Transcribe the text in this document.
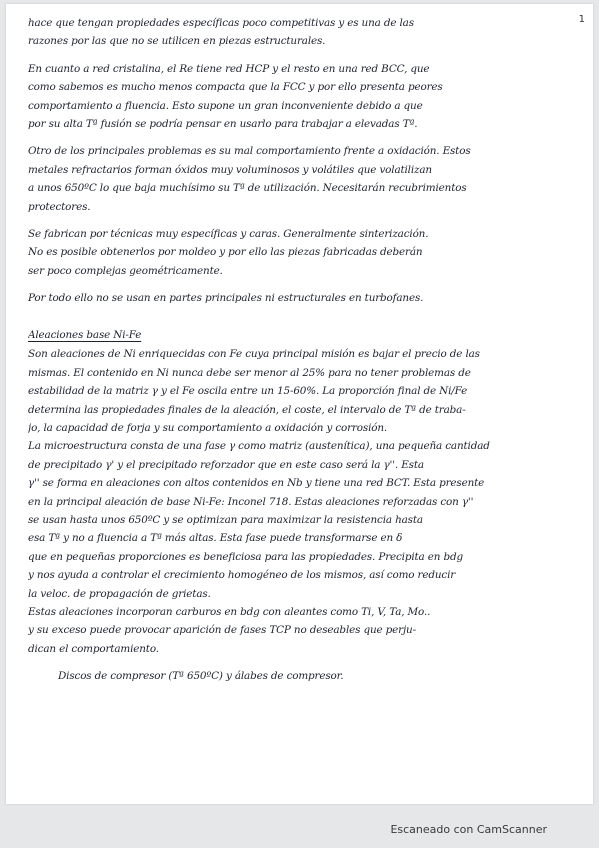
1
hace que tengan propiedades específicas poco competitivas y es una de las
razones por las que no se utilicen en piezas estructurales.
En cuanto a red cristalina, el Re tiene red HCP y el resto en una red BCC, que
como sabemos es mucho menos compacta que la FCC y por ello presenta peores
comportamiento a fluencia. Esto supone un gran inconveniente debido a que
por su alta Tª fusión se podría pensar en usarlo para trabajar a elevadas Tª.
Otro de los principales problemas es su mal comportamiento frente a oxidación. Estos
metales refractarios forman óxidos muy voluminosos y volátiles que volatilizan
a unos 650ºC lo que baja muchísimo su Tª de utilización. Necesitarán recubrimientos
protectores.
Se fabrican por técnicas muy específicas y caras. Generalmente sinterización.
No es posible obtenerlos por moldeo y por ello las piezas fabricadas deberán
ser poco complejas geométricamente.
Por todo ello no se usan en partes principales ni estructurales en turbofanes.
Aleaciones base Ni-Fe
Son aleaciones de Ni enriquecidas con Fe cuya principal misión es bajar el precio de las
mismas. El contenido en Ni nunca debe ser menor al 25% para no tener problemas de
estabilidad de la matriz γ y el Fe oscila entre un 15-60%. La proporción final de Ni/Fe
determina las propiedades finales de la aleación, el coste, el intervalo de Tª de traba-
jo, la capacidad de forja y su comportamiento a oxidación y corrosión.
La microestructura consta de una fase γ como matriz (austenítica), una pequeña cantidad
de precipitado γ' y el precipitado reforzador que en este caso será la γ''. Esta
γ'' se forma en aleaciones con altos contenidos en Nb y tiene una red BCT. Esta presente
en la principal aleación de base Ni-Fe: Inconel 718. Estas aleaciones reforzadas con γ''
se usan hasta unos 650ºC y se optimizan para maximizar la resistencia hasta
esa Tª y no a fluencia a Tª más altas. Esta fase puede transformarse en δ
que en pequeñas proporciones es beneficiosa para las propiedades. Precipita en bdg
y nos ayuda a controlar el crecimiento homogéneo de los mismos, así como reducir
la veloc. de propagación de grietas.
Estas aleaciones incorporan carburos en bdg con aleantes como Ti, V, Ta, Mo..
y su exceso puede provocar aparición de fases TCP no deseables que perju-
dican el comportamiento.
Discos de compresor (Tª 650ºC) y álabes de compresor.
Escaneado con CamScanner
